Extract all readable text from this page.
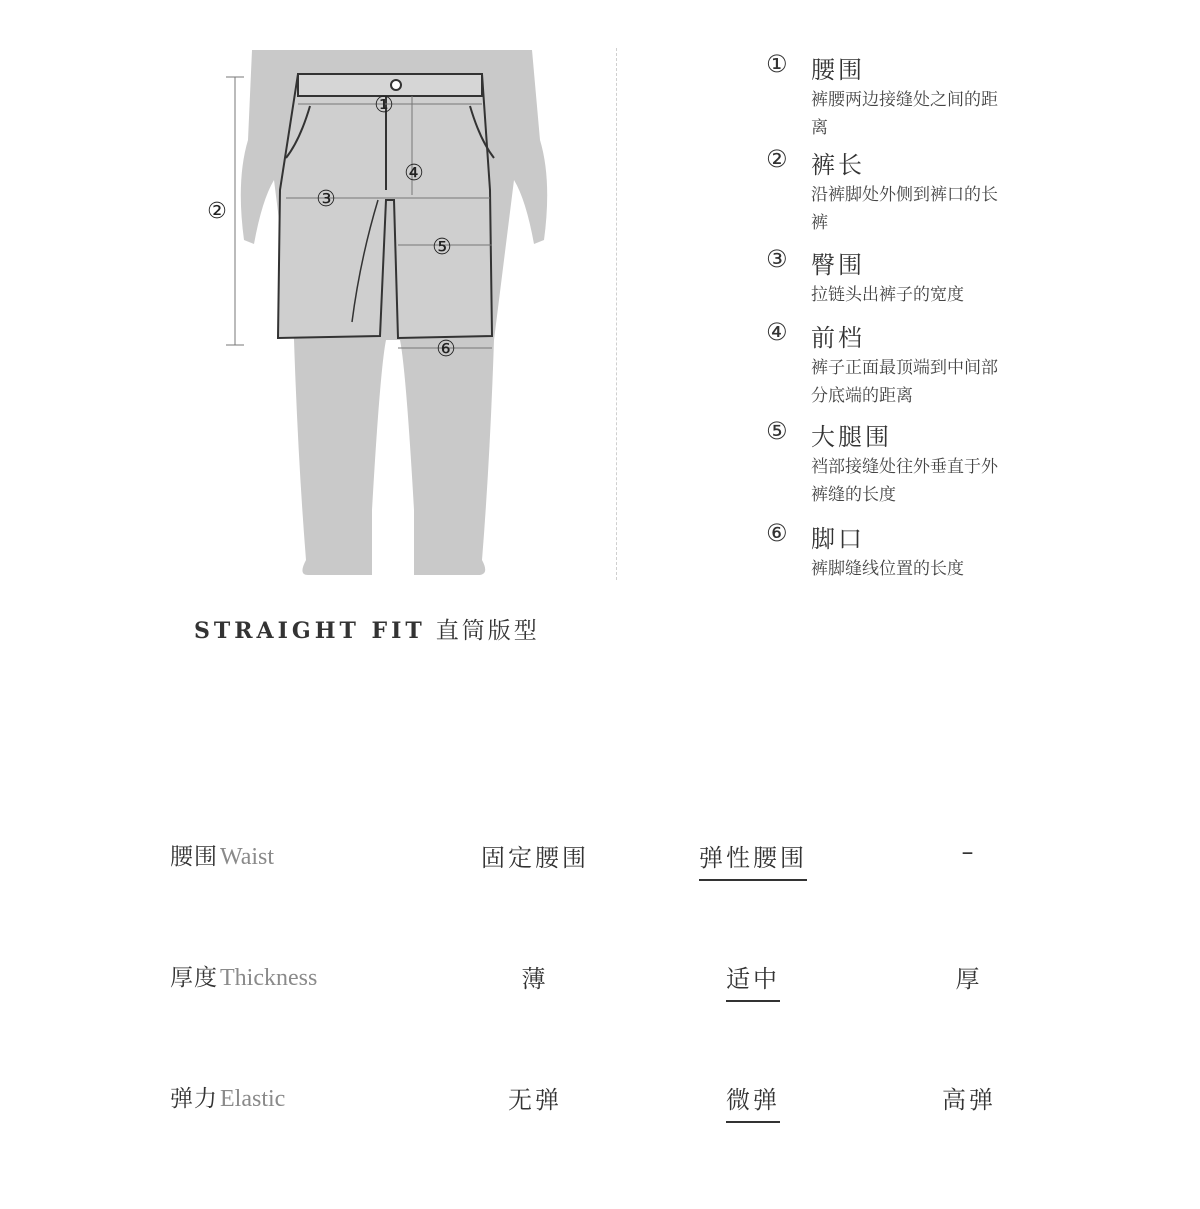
①
②	③
④
⑤
⑥
① 腰围
裤腰两边接缝处之间的距离
② 裤长
沿裤脚处外侧到裤口的长裤
③ 臀围
拉链头出裤子的宽度
④ 前档
裤子正面最顶端到中间部分底端的距离
⑤ 大腿围
裆部接缝处往外垂直于外裤缝的长度
⑥ 脚口
裤脚缝线位置的长度
STRAIGHT FIT 直筒版型
腰围Waist	固定腰围	弹性腰围	–
厚度Thickness	薄	适中	厚
弹力Elastic	无弹	微弹	高弹
